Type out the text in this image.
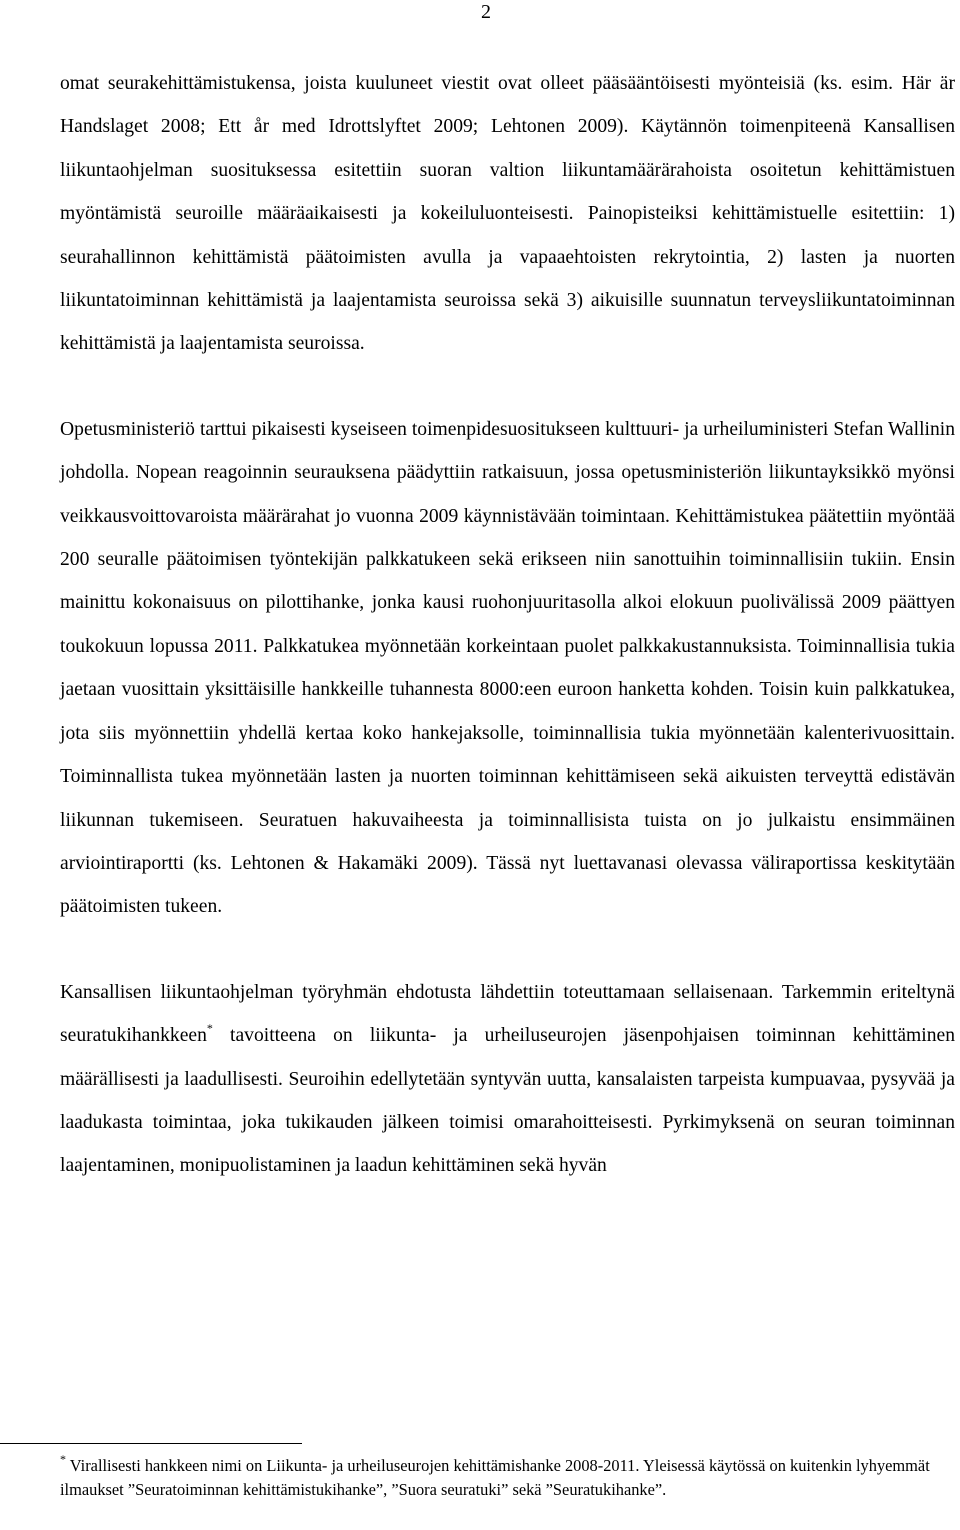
2

omat seurakehittämistukensa, joista kuuluneet viestit ovat olleet pääsääntöisesti myönteisiä (ks. esim. Här är Handslaget 2008; Ett år med Idrottslyftet 2009; Lehtonen 2009). Käytännön toimenpiteenä Kansallisen liikuntaohjelman suosituksessa esitettiin suoran valtion liikuntamäärärahoista osoitetun kehittämistuen myöntämistä seuroille määräaikaisesti ja kokeiluluonteisesti. Painopisteiksi kehittämistuelle esitettiin: 1) seurahallinnon kehittämistä päätoimisten avulla ja vapaaehtoisten rekrytointia, 2) lasten ja nuorten liikuntatoiminnan kehittämistä ja laajentamista seuroissa sekä 3) aikuisille suunnatun terveysliikuntatoiminnan kehittämistä ja laajentamista seuroissa.

Opetusministeriö tarttui pikaisesti kyseiseen toimenpidesuositukseen kulttuuri- ja urheiluministeri Stefan Wallinin johdolla. Nopean reagoinnin seurauksena päädyttiin ratkaisuun, jossa opetusministeriön liikuntayksikkö myönsi veikkausvoittovaroista määrärahat jo vuonna 2009 käynnistävään toimintaan. Kehittämistukea päätettiin myöntää 200 seuralle päätoimisen työntekijän palkkatukeen sekä erikseen niin sanottuihin toiminnallisiin tukiin. Ensin mainittu kokonaisuus on pilottihanke, jonka kausi ruohonjuuritasolla alkoi elokuun puolivälissä 2009 päättyen toukokuun lopussa 2011. Palkkatukea myönnetään korkeintaan puolet palkkakustannuksista. Toiminnallisia tukia jaetaan vuosittain yksittäisille hankkeille tuhannesta 8000:een euroon hanketta kohden. Toisin kuin palkkatukea, jota siis myönnettiin yhdellä kertaa koko hankejaksolle, toiminnallisia tukia myönnetään kalenterivuosittain. Toiminnallista tukea myönnetään lasten ja nuorten toiminnan kehittämiseen sekä aikuisten terveyttä edistävän liikunnan tukemiseen. Seuratuen hakuvaiheesta ja toiminnallisista tuista on jo julkaistu ensimmäinen arviointiraportti (ks. Lehtonen & Hakamäki 2009). Tässä nyt luettavanasi olevassa väliraportissa keskitytään päätoimisten tukeen.

Kansallisen liikuntaohjelman työryhmän ehdotusta lähdettiin toteuttamaan sellaisenaan. Tarkemmin eriteltynä seuratukihankkeen* tavoitteena on liikunta- ja urheiluseurojen jäsenpohjaisen toiminnan kehittäminen määrällisesti ja laadullisesti. Seuroihin edellytetään syntyvän uutta, kansalaisten tarpeista kumpuavaa, pysyvää ja laadukasta toimintaa, joka tukikauden jälkeen toimisi omarahoitteisesti. Pyrkimyksenä on seuran toiminnan laajentaminen, monipuolistaminen ja laadun kehittäminen sekä hyvän

* Virallisesti hankkeen nimi on Liikunta- ja urheiluseurojen kehittämishanke 2008-2011. Yleisessä käytössä on kuitenkin lyhyemmät ilmaukset ”Seuratoiminnan kehittämistukihanke”, ”Suora seuratuki” sekä ”Seuratukihanke”.
